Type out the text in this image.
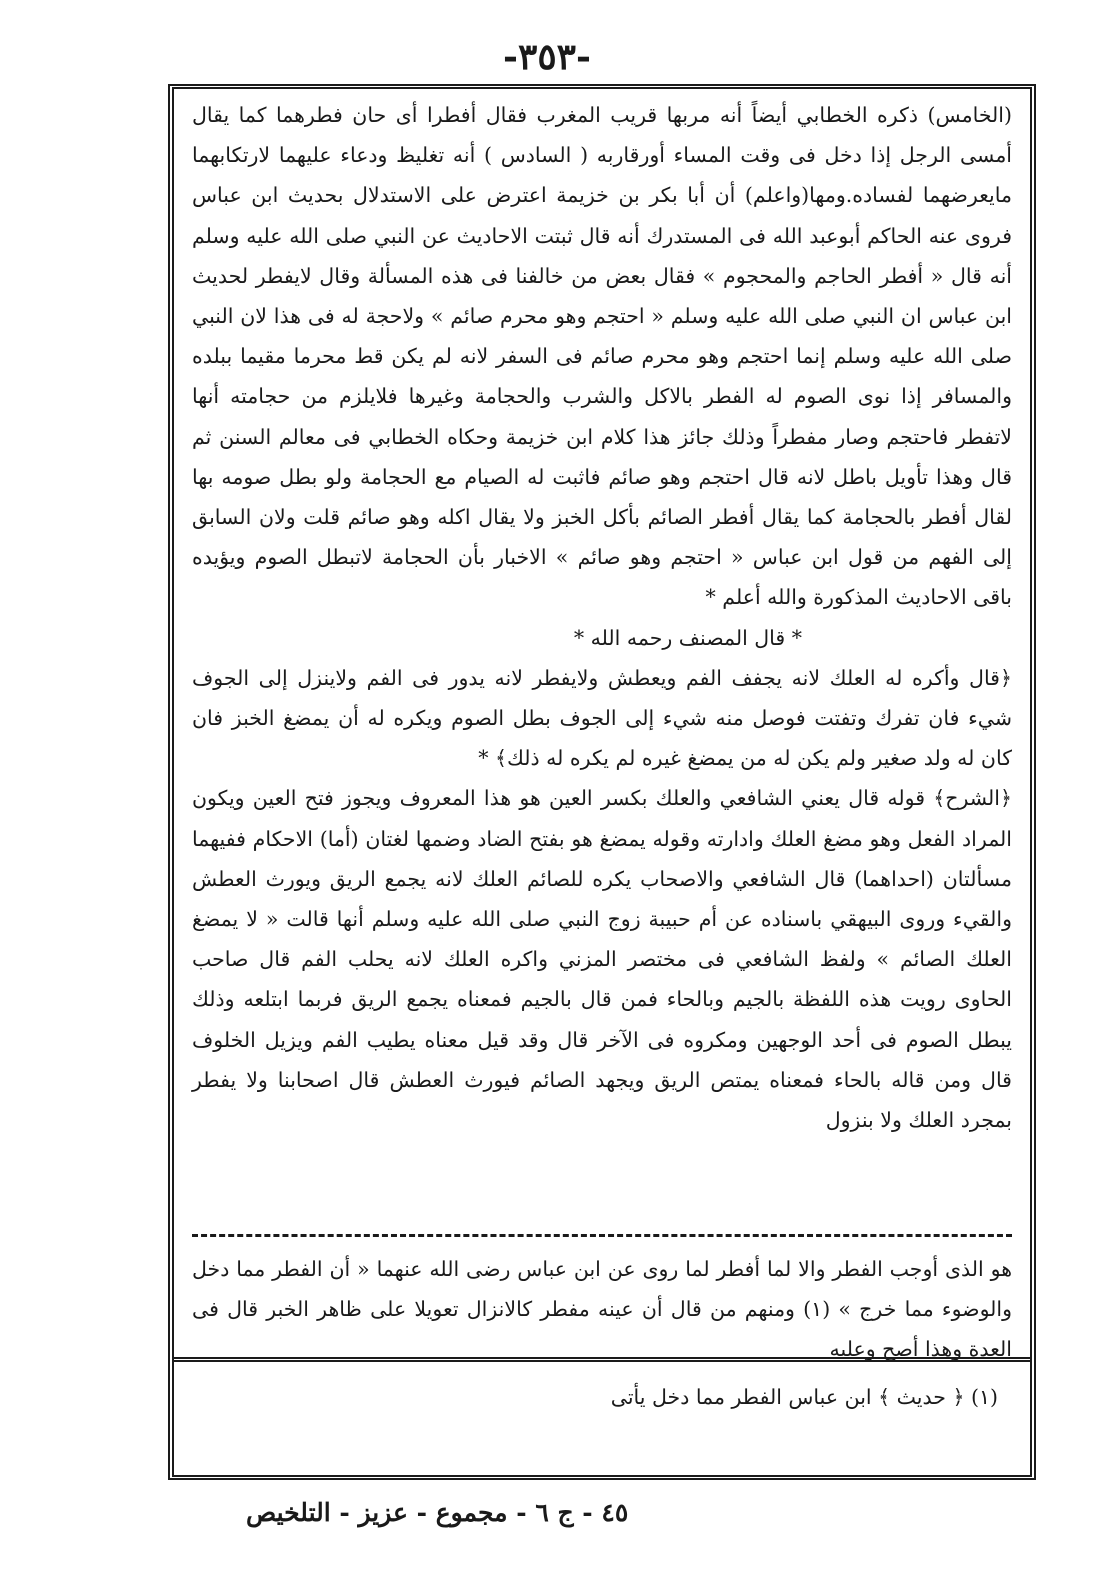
-٣٥٣-

(الخامس) ذكره الخطابي أيضاً أنه مربها قريب المغرب فقال أفطرا أى حان فطرهما كما يقال أمسى الرجل إذا دخل فى وقت المساء أورقاربه ( السادس ) أنه تغليظ ودعاء عليهما لارتكابهما مايعرضهما لفساده.ومها(واعلم) أن أبا بكر بن خزيمة اعترض على الاستدلال بحديث ابن عباس فروى عنه الحاكم أبوعبد الله فى المستدرك أنه قال ثبتت الاحاديث عن النبي صلى الله عليه وسلم أنه قال « أفطر الحاجم والمحجوم » فقال بعض من خالفنا فى هذه المسألة وقال لايفطر لحديث ابن عباس ان النبي صلى الله عليه وسلم « احتجم وهو محرم صائم » ولاحجة له فى هذا لان النبي صلى الله عليه وسلم إنما احتجم وهو محرم صائم فى السفر لانه لم يكن قط محرما مقيما ببلده والمسافر إذا نوى الصوم له الفطر بالاكل والشرب والحجامة وغيرها فلايلزم من حجامته أنها لاتفطر فاحتجم وصار مفطراً وذلك جائز هذا كلام ابن خزيمة وحكاه الخطابي فى معالم السنن ثم قال وهذا تأويل باطل لانه قال احتجم وهو صائم فاثبت له الصيام مع الحجامة ولو بطل صومه بها لقال أفطر بالحجامة كما يقال أفطر الصائم بأكل الخبز ولا يقال اكله وهو صائم قلت ولان السابق إلى الفهم من قول ابن عباس « احتجم وهو صائم » الاخبار بأن الحجامة لاتبطل الصوم ويؤيده باقى الاحاديث المذكورة والله أعلم *

* قال المصنف رحمه الله *

﴿قال وأكره له العلك لانه يجفف الفم ويعطش ولايفطر لانه يدور فى الفم ولاينزل إلى الجوف شيء فان تفرك وتفتت فوصل منه شيء إلى الجوف بطل الصوم ويكره له أن يمضغ الخبز فان كان له ولد صغير ولم يكن له من يمضغ غيره لم يكره له ذلك﴾ *

﴿الشرح﴾ قوله قال يعني الشافعي والعلك بكسر العين هو هذا المعروف ويجوز فتح العين ويكون المراد الفعل وهو مضغ العلك وادارته وقوله يمضغ هو بفتح الضاد وضمها لغتان (أما) الاحكام ففيهما مسألتان (احداهما) قال الشافعي والاصحاب يكره للصائم العلك لانه يجمع الريق ويورث العطش والقيء وروى البيهقي باسناده عن أم حبيبة زوج النبي صلى الله عليه وسلم أنها قالت « لا يمضغ العلك الصائم » ولفظ الشافعي فى مختصر المزني واكره العلك لانه يحلب الفم قال صاحب الحاوى رويت هذه اللفظة بالجيم وبالحاء فمن قال بالجيم فمعناه يجمع الريق فربما ابتلعه وذلك يبطل الصوم فى أحد الوجهين ومكروه فى الآخر قال وقد قيل معناه يطيب الفم ويزيل الخلوف قال ومن قاله بالحاء فمعناه يمتص الريق ويجهد الصائم فيورث العطش قال اصحابنا ولا يفطر بمجرد العلك ولا بنزول

هو الذى أوجب الفطر والا لما أفطر لما روى عن ابن عباس رضى الله عنهما « أن الفطر مما دخل والوضوء مما خرج » (١) ومنهم من قال أن عينه مفطر كالانزال تعويلا على ظاهر الخبر قال فى العدة وهذا أصح وعليه
(١) ﴿ حديث ﴾ ابن عباس الفطر مما دخل يأتى
٤٥ - ج ٦ - مجموع - عزيز - التلخيص
